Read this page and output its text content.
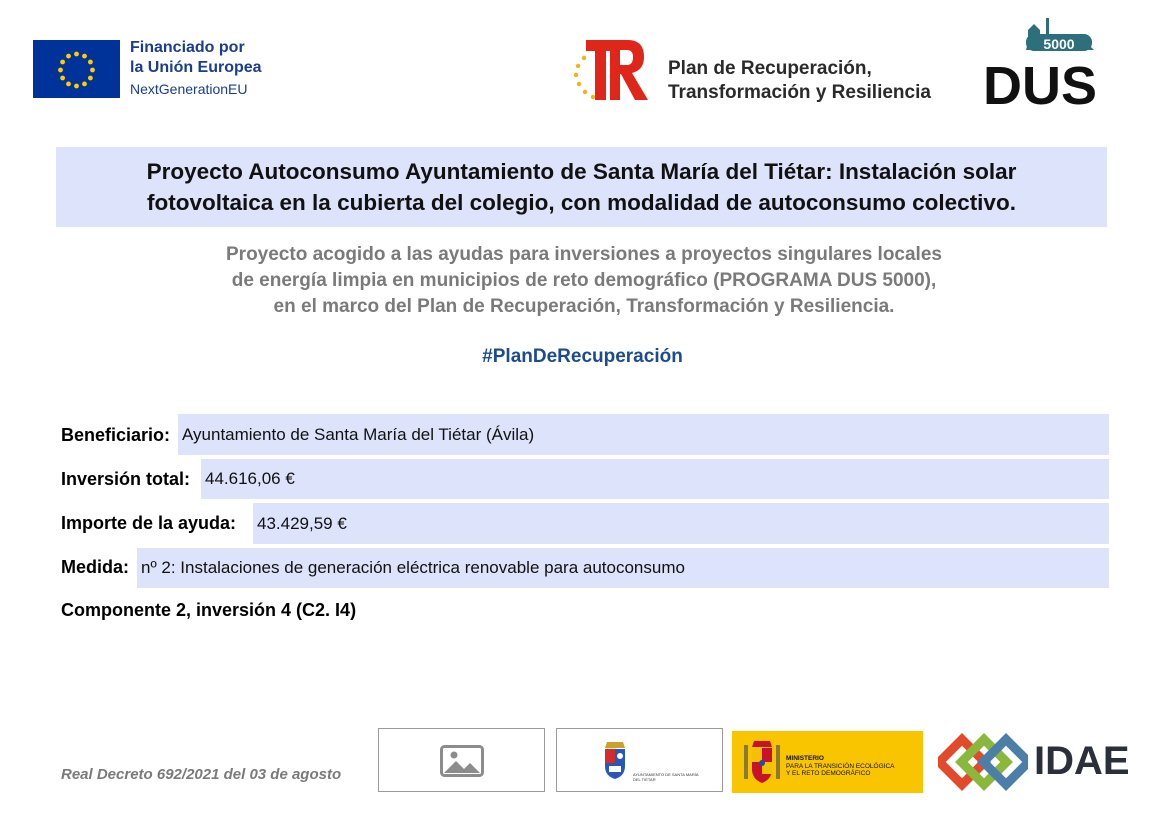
Financiado por
la Unión Europea
NextGenerationEU
Plan de Recuperación,
Transformación y Resiliencia
5000
DUS
Proyecto Autoconsumo Ayuntamiento de Santa María del Tiétar: Instalación solar fotovoltaica en la cubierta del colegio, con modalidad de autoconsumo colectivo.
Proyecto acogido a las ayudas para inversiones a proyectos singulares locales
de energía limpia en municipios de reto demográfico (PROGRAMA DUS 5000),
en el marco del Plan de Recuperación, Transformación y Resiliencia.
#PlanDeRecuperación
Beneficiario: Ayuntamiento de Santa María del Tiétar (Ávila)
Inversión total: 44.616,06 €
Importe de la ayuda: 43.429,59 €
Medida: nº 2: Instalaciones de generación eléctrica renovable para autoconsumo
Componente 2, inversión 4 (C2. I4)
Real Decreto 692/2021 del 03 de agosto	AYUNTAMIENTO DE SANTA MARÍA DEL TIÉTAR
MINISTERIO
PARA LA TRANSICIÓN ECOLÓGICA
Y EL RETO DEMOGRÁFICO	IDAE
